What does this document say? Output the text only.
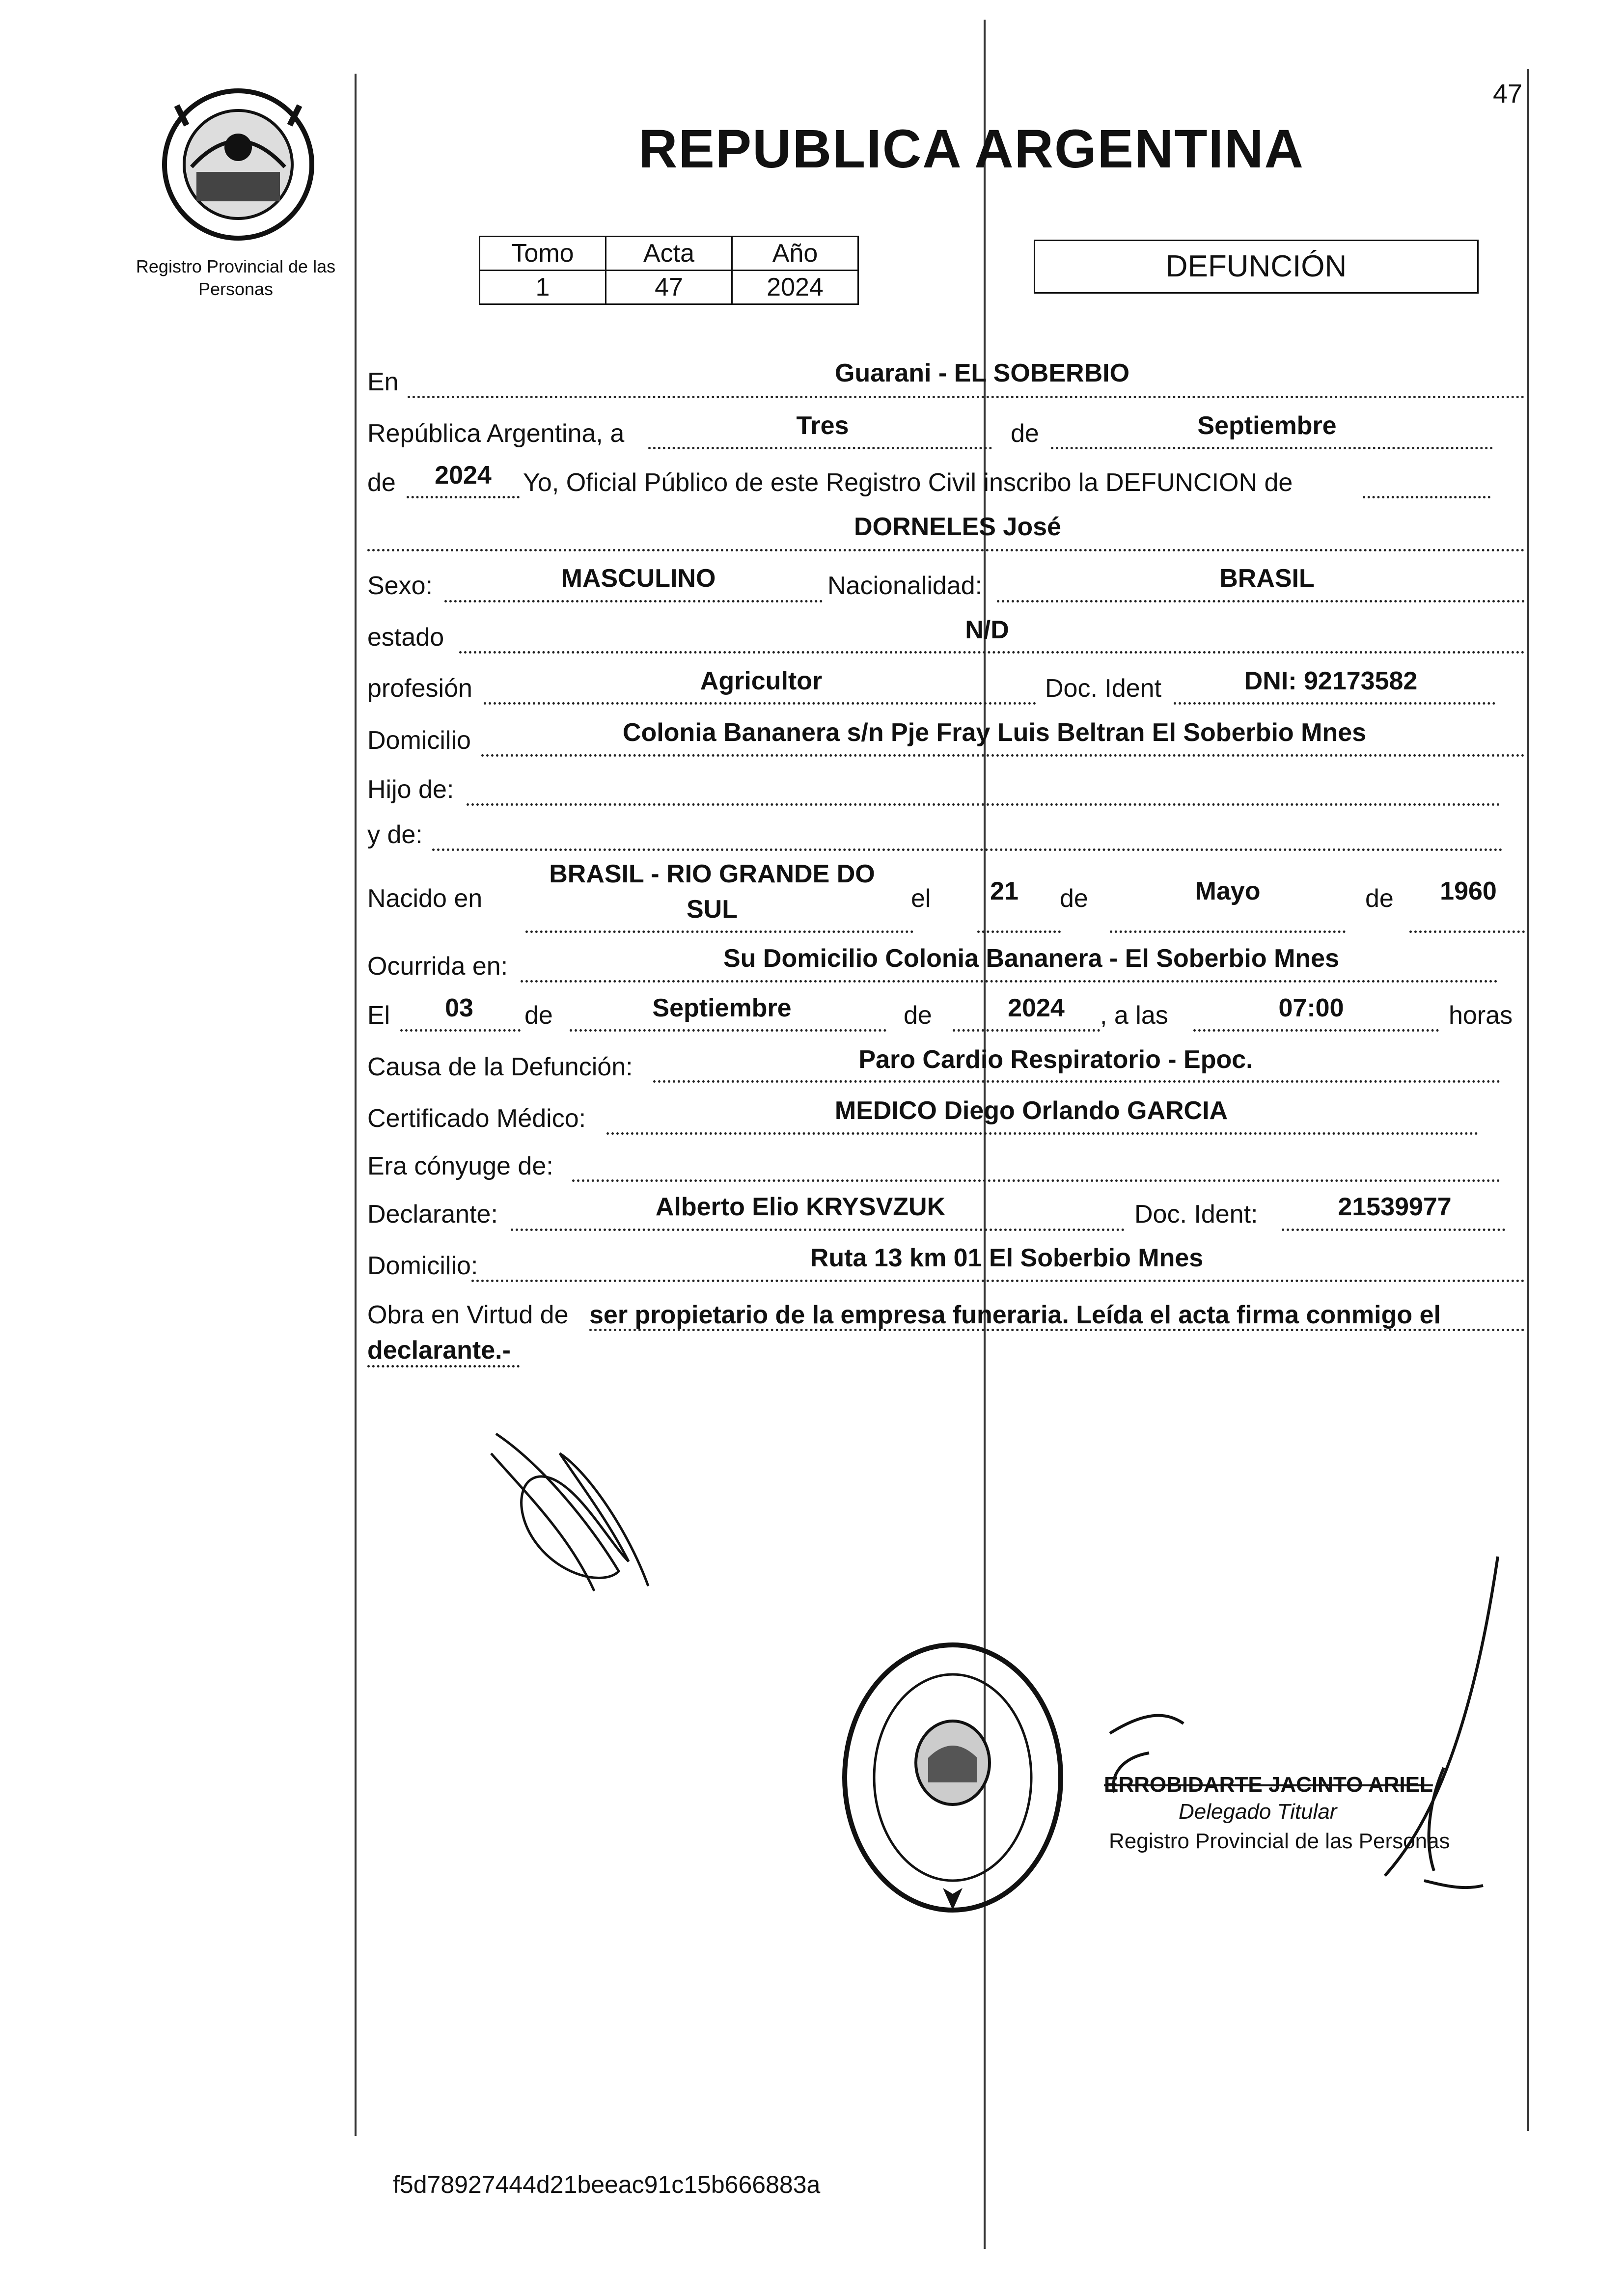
47
Registro Provincial de las Personas
REPUBLICA ARGENTINA
Tomo	Acta	Año
1	47	2024
DEFUNCIÓN
En	Guarani - EL SOBERBIO
República Argentina, a	Tres	de	Septiembre
de	2024	Yo, Oficial Público de este Registro Civil inscribo la DEFUNCION de
DORNELES José
Sexo:	MASCULINO	Nacionalidad:	BRASIL
estado	N/D
profesión	Agricultor	Doc. Ident	DNI: 92173582
Domicilio	Colonia Bananera s/n Pje Fray Luis Beltran El Soberbio Mnes
Hijo de:
y de:
Nacido en
BRASIL - RIO GRANDE DO
SUL	el	21	de	Mayo	de	1960
Ocurrida en:	Su Domicilio Colonia Bananera - El Soberbio Mnes
El	03	de	Septiembre	de	2024	, a las	07:00	horas
Causa de la Defunción:	Paro Cardio Respiratorio - Epoc.
Certificado Médico:	MEDICO Diego Orlando GARCIA
Era cónyuge de:
Declarante:	Alberto Elio KRYSVZUK	Doc. Ident:	21539977
Domicilio:	Ruta 13 km 01 El Soberbio Mnes
Obra en Virtud de ser propietario de la empresa funeraria. Leída el acta firma conmigo el
declarante.-
ERROBIDARTE JACINTO ARIEL
Delegado Titular
Registro Provincial de las Personas
f5d78927444d21beeac91c15b666883a
